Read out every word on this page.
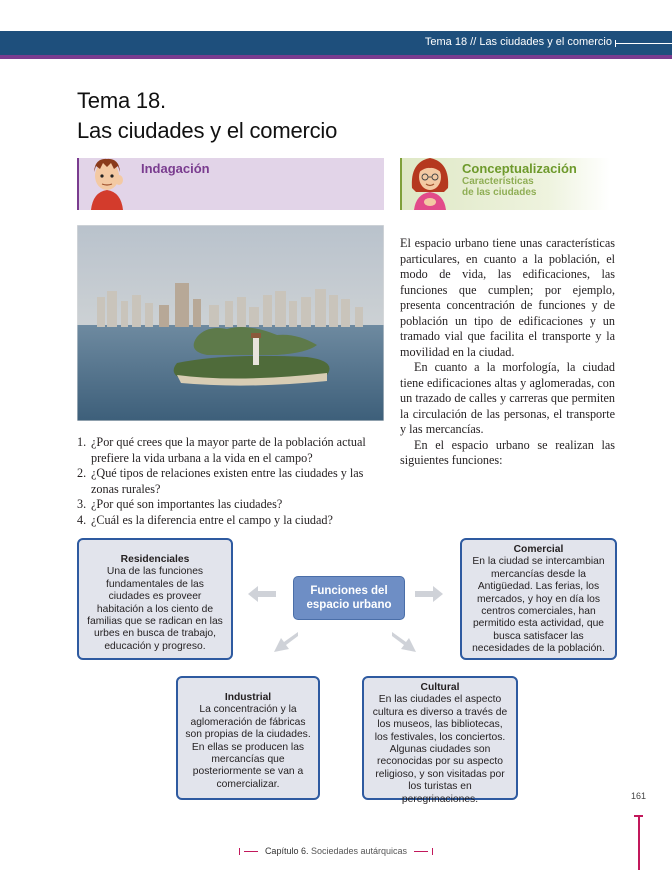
Tema 18 // Las ciudades y el comercio
Tema 18.
Las ciudades y el comercio
Indagación	Conceptualización
Características
de las ciudades
1. ¿Por qué crees que la mayor parte de la población actual prefiere la vida urbana a la vida en el campo?
2. ¿Qué tipos de relaciones existen entre las ciudades y las zonas rurales?
3. ¿Por qué son importantes las ciudades?
4. ¿Cuál es la diferencia entre el campo y la ciudad?

El espacio urbano tiene unas características particulares, en cuanto a la población, el modo de vida, las edificaciones, las funciones que cumplen; por ejemplo, presenta concentración de funciones y de población un tipo de edificaciones y un tramado vial que facilita el transporte y la movilidad en la ciudad.

En cuanto a la morfología, la ciudad tiene edificaciones altas y aglomeradas, con un trazado de calles y carreras que permiten la circulación de las personas, el transporte y las mercancías.

En el espacio urbano se realizan las siguientes funciones:

Residenciales
Una de las funciones fundamentales de las ciudades es proveer habitación a los ciento de familias que se radican en las urbes en busca de trabajo, educación y progreso.
Comercial
En la ciudad se intercambian mercancías desde la Antigüedad. Las ferias, los mercados, y hoy en día los centros comerciales, han permitido esta actividad, que busca satisfacer las necesidades de la población.
Industrial
La concentración y la aglomeración de fábricas son propias de la ciudades. En ellas se producen las mercancías que posteriormente se van a comercializar.
Cultural
En las ciudades el aspecto cultura es diverso a través de los museos, las bibliotecas, los festivales, los conciertos. Algunas ciudades son reconocidas por su aspecto religioso, y son visitadas por los turistas en peregrinaciones.
Funciones del espacio urbano
161
Capítulo 6. Sociedades autárquicas
